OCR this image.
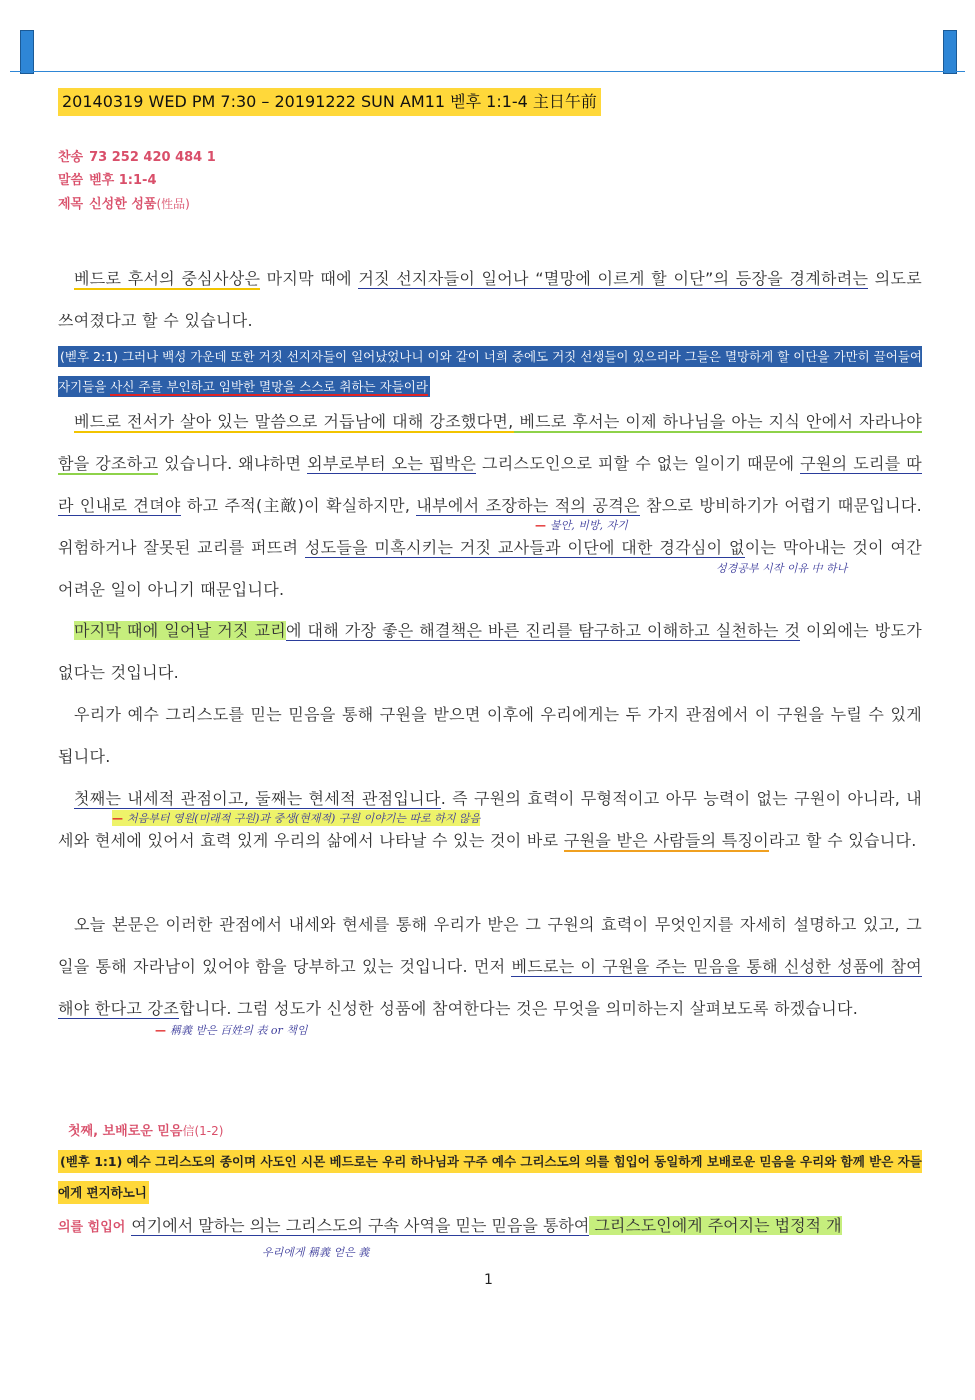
20140319 WED PM 7:30 – 20191222 SUN AM11 벧후 1:1-4 主日午前
찬송 73 252 420 484 1
말씀 벧후 1:1-4
제목 신성한 성품(性品)
베드로 후서의 중심사상은 마지막 때에 거짓 선지자들이 일어나 “멸망에 이르게 할 이단”의 등장을 경계하려는 의도로 쓰여졌다고 할 수 있습니다.
(벧후 2:1) 그러나 백성 가운데 또한 거짓 선지자들이 일어났었나니 이와 같이 너희 중에도 거짓 선생들이 있으리라 그들은 멸망하게 할 이단을 가만히 끌어들여 자기들을 사신 주를 부인하고 임박한 멸망을 스스로 취하는 자들이라
베드로 전서가 살아 있는 말씀으로 거듭남에 대해 강조했다면, 베드로 후서는 이제 하나님을 아는 지식 안에서 자라나야 함을 강조하고 있습니다. 왜냐하면 외부로부터 오는 핍박은 그리스도인으로 피할 수 없는 일이기 때문에 구원의 도리를 따라 인내로 견뎌야 하고 주적(主敵)이 확실하지만, 내부에서 조장하는 적의 공격은 참으로 방비하기가 어렵기 때문입니다. 위험하거나 잘못된 교리를 퍼뜨려 성도들을 미혹시키는 거짓 교사들과 이단에 대한 경각심이 없이는 막아내는 것이 여간 어려운 일이 아니기 때문입니다.
마지막 때에 일어날 거짓 교리에 대해 가장 좋은 해결책은 바른 진리를 탐구하고 이해하고 실천하는 것 이외에는 방도가 없다는 것입니다.
우리가 예수 그리스도를 믿는 믿음을 통해 구원을 받으면 이후에 우리에게는 두 가지 관점에서 이 구원을 누릴 수 있게 됩니다.
첫째는 내세적 관점이고, 둘째는 현세적 관점입니다. 즉 구원의 효력이 무형적이고 아무 능력이 없는 구원이 아니라, 내세와 현세에 있어서 효력 있게 우리의 삶에서 나타날 수 있는 것이 바로 구원을 받은 사람들의 특징이라고 할 수 있습니다.
오늘 본문은 이러한 관점에서 내세와 현세를 통해 우리가 받은 그 구원의 효력이 무엇인지를 자세히 설명하고 있고, 그 일을 통해 자라남이 있어야 함을 당부하고 있는 것입니다. 먼저 베드로는 이 구원을 주는 믿음을 통해 신성한 성품에 참여해야 한다고 강조합니다. 그럼 성도가 신성한 성품에 참여한다는 것은 무엇을 의미하는지 살펴보도록 하겠습니다.
— 불안, 비방, 자기
성경공부 시작 이유 中 하나
— 처음부터 영원(미래적 구원)과 중생(현재적) 구원 이야기는 따로 하지 않음
— 稱義 받은 百姓의 表 or 책임
첫째, 보배로운 믿음信(1-2)
(벧후 1:1) 예수 그리스도의 종이며 사도인 시몬 베드로는 우리 하나님과 구주 예수 그리스도의 의를 힘입어 동일하게 보배로운 믿음을 우리와 함께 받은 자들에게 편지하노니
의를 힘입어 여기에서 말하는 의는 그리스도의 구속 사역을 믿는 믿음을 통하여 그리스도인에게 주어지는 법정적 개
우리에게 稱義 얻은 義
1
